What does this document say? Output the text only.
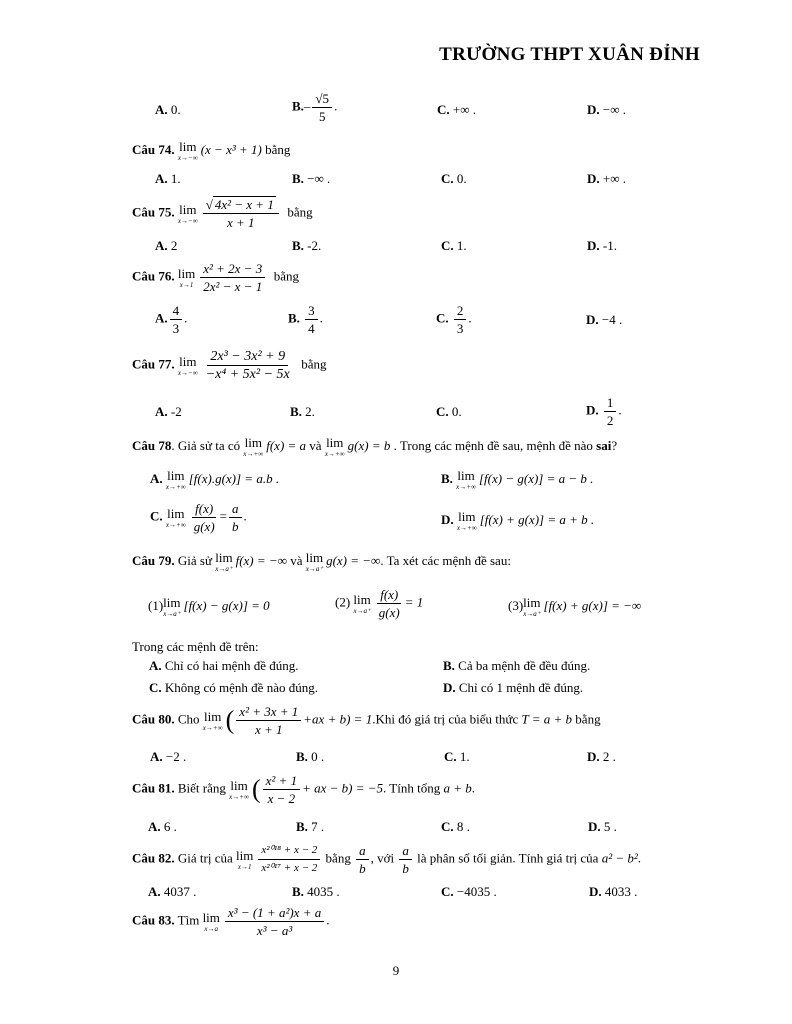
TRƯỜNG THPT XUÂN ĐỈNH
A. 0.	$B.- \frac{√5}{5}$ .	C. +∞ .	D. −∞ .
Câu 74. lim
x→−∞
(x − x³ + 1) bằng
A. 1.	B. −∞ .	C. 0.	D. +∞ .
Câu 75. lim
$x\to-\infty \frac{\text{√ 4x² − x + 1}}{x + 1}$ bằng
A. 2	B. -2.	C. 1.	D. -1.
Câu 76. lim
$x\to 1 \frac{\text{x² + 2x − 3}}{\text{2x² − x − 1}}$ bằng
A. $\frac{4}{3}$ .	B. $\frac{3}{4}$ .	C. $\frac{2}{3}$ .	D. −4 .
Câu 77. lim
$x\to-\infty \frac{\text{2x³ − 3x² + 9}}{\text{−x⁴ + 5x² − 5x}}$ bằng
A. -2	B. 2.	C. 0.	D. $\frac{1}{2}$ .
Câu 78. Giả sử ta có lim
x→+∞
f(x) = a và lim
x→+∞
g(x) = b . Trong các mệnh đề sau, mệnh đề nào sai?
A. lim
x→+∞
[f(x).g(x)] = a.b .	B. lim
x→+∞
[f(x) − g(x)] = a − b .
C. lim
$x\to+\infty \frac{f(x)}{g(x)} = \frac{a}{b}$ .	D. lim
x→+∞
[f(x) + g(x)] = a + b .
Câu 79. Giả sử lim
x→a⁺
f(x) = −∞ và lim
x→a⁺
g(x) = −∞. Ta xét các mệnh đề sau:
(1) lim
x→a⁺
[f(x) − g(x)] = 0	(2) lim
$x\to a^+ \frac{f(x)}{g(x)} = 1$	(3) lim
x→a⁺
[f(x) + g(x)] = −∞
Trong các mệnh đề trên:
A. Chỉ có hai mệnh đề đúng.	B. Cả ba mệnh đề đều đúng.
C. Không có mệnh đề nào đúng.	D. Chỉ có 1 mệnh đề đúng.
Câu 80. Cho lim
x→+∞ ( $\frac{\text{x² + 3x + 1}}{x + 1} +ax + b) = 1.Khi$ đó giá trị của biểu thức T = a + b bằng
A. −2 .	B. 0 .	C. 1.	D. 2 .
Câu 81. Biết rằng lim
x→+∞ ( $\frac{\text{x² + 1}}{x - 2}$ + ax − b) = −5. Tính tổng a + b.
A. 6 .	B. 7 .	C. 8 .	D. 5 .
Câu 82. Giá trị của lim
$x\to 1 \frac{\text{x²⁰¹⁸ + x − 2}}{\text{x²⁰¹⁷ + x − 2}}$ bằng $\frac{a}{b}$ , với $\frac{a}{b}$ là phân số tối giản. Tính giá trị của a² − b².
A. 4037 .	B. 4035 .	C. −4035 .	D. 4033 .
Câu 83. Tìm lim
$x\to a \frac{\text{x³ − (1 + a²)x + a}}{\text{x³ − a³}}$ .
9
